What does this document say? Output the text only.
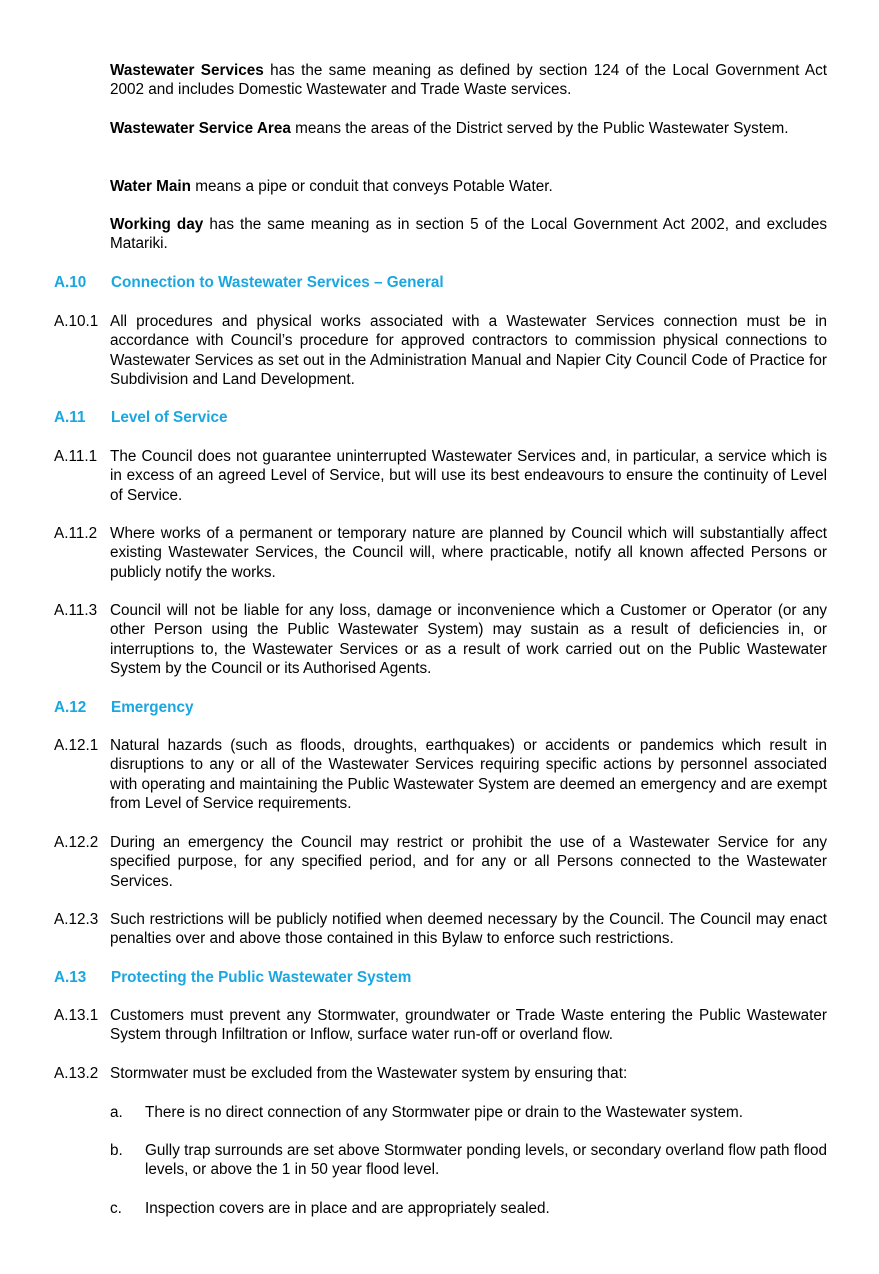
Wastewater Services has the same meaning as defined by section 124 of the Local Government Act 2002 and includes Domestic Wastewater and Trade Waste services.
Wastewater Service Area means the areas of the District served by the Public Wastewater System.
Water Main means a pipe or conduit that conveys Potable Water.
Working day has the same meaning as in section 5 of the Local Government Act 2002, and excludes Matariki.
A.10 Connection to Wastewater Services – General
A.10.1 All procedures and physical works associated with a Wastewater Services connection must be in accordance with Council’s procedure for approved contractors to commission physical connections to Wastewater Services as set out in the Administration Manual and Napier City Council Code of Practice for Subdivision and Land Development.
A.11 Level of Service
A.11.1 The Council does not guarantee uninterrupted Wastewater Services and, in particular, a service which is in excess of an agreed Level of Service, but will use its best endeavours to ensure the continuity of Level of Service.
A.11.2 Where works of a permanent or temporary nature are planned by Council which will substantially affect existing Wastewater Services, the Council will, where practicable, notify all known affected Persons or publicly notify the works.
A.11.3 Council will not be liable for any loss, damage or inconvenience which a Customer or Operator (or any other Person using the Public Wastewater System) may sustain as a result of deficiencies in, or interruptions to, the Wastewater Services or as a result of work carried out on the Public Wastewater System by the Council or its Authorised Agents.
A.12 Emergency
A.12.1 Natural hazards (such as floods, droughts, earthquakes) or accidents or pandemics which result in disruptions to any or all of the Wastewater Services requiring specific actions by personnel associated with operating and maintaining the Public Wastewater System are deemed an emergency and are exempt from Level of Service requirements.
A.12.2 During an emergency the Council may restrict or prohibit the use of a Wastewater Service for any specified purpose, for any specified period, and for any or all Persons connected to the Wastewater Services.
A.12.3 Such restrictions will be publicly notified when deemed necessary by the Council. The Council may enact penalties over and above those contained in this Bylaw to enforce such restrictions.
A.13 Protecting the Public Wastewater System
A.13.1 Customers must prevent any Stormwater, groundwater or Trade Waste entering the Public Wastewater System through Infiltration or Inflow, surface water run-off or overland flow.
A.13.2 Stormwater must be excluded from the Wastewater system by ensuring that:
a.	There is no direct connection of any Stormwater pipe or drain to the Wastewater system.
b.	Gully trap surrounds are set above Stormwater ponding levels, or secondary overland flow path flood levels, or above the 1 in 50 year flood level.
c.	Inspection covers are in place and are appropriately sealed.
